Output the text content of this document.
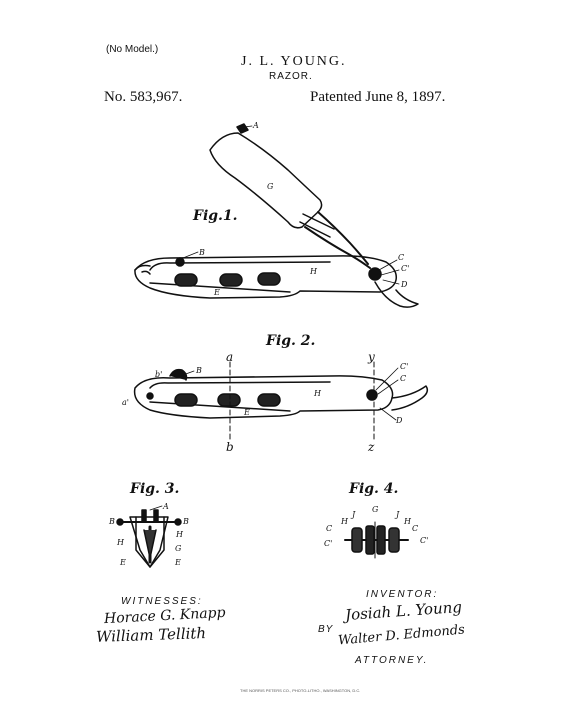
(No Model.)
J. L. YOUNG.
RAZOR.
No. 583,967.	Patented June 8, 1897.
Fig.1.
Fig. 2.
Fig. 3.	Fig. 4.
A
G
B
H
E
C
C'
D
a
b
y
z
a'
b'	B
H
E
C'
C
D
A
B	B
H
H
G
E	E
G
J	J
H	H
C	C
C'	C'
WITNESSES:
Horace G. Knapp
William Tellith
INVENTOR:
Josiah L. Young
BY Walter D. Edmonds
ATTORNEY.
THE NORRIS PETERS CO., PHOTO-LITHO., WASHINGTON, D.C.
